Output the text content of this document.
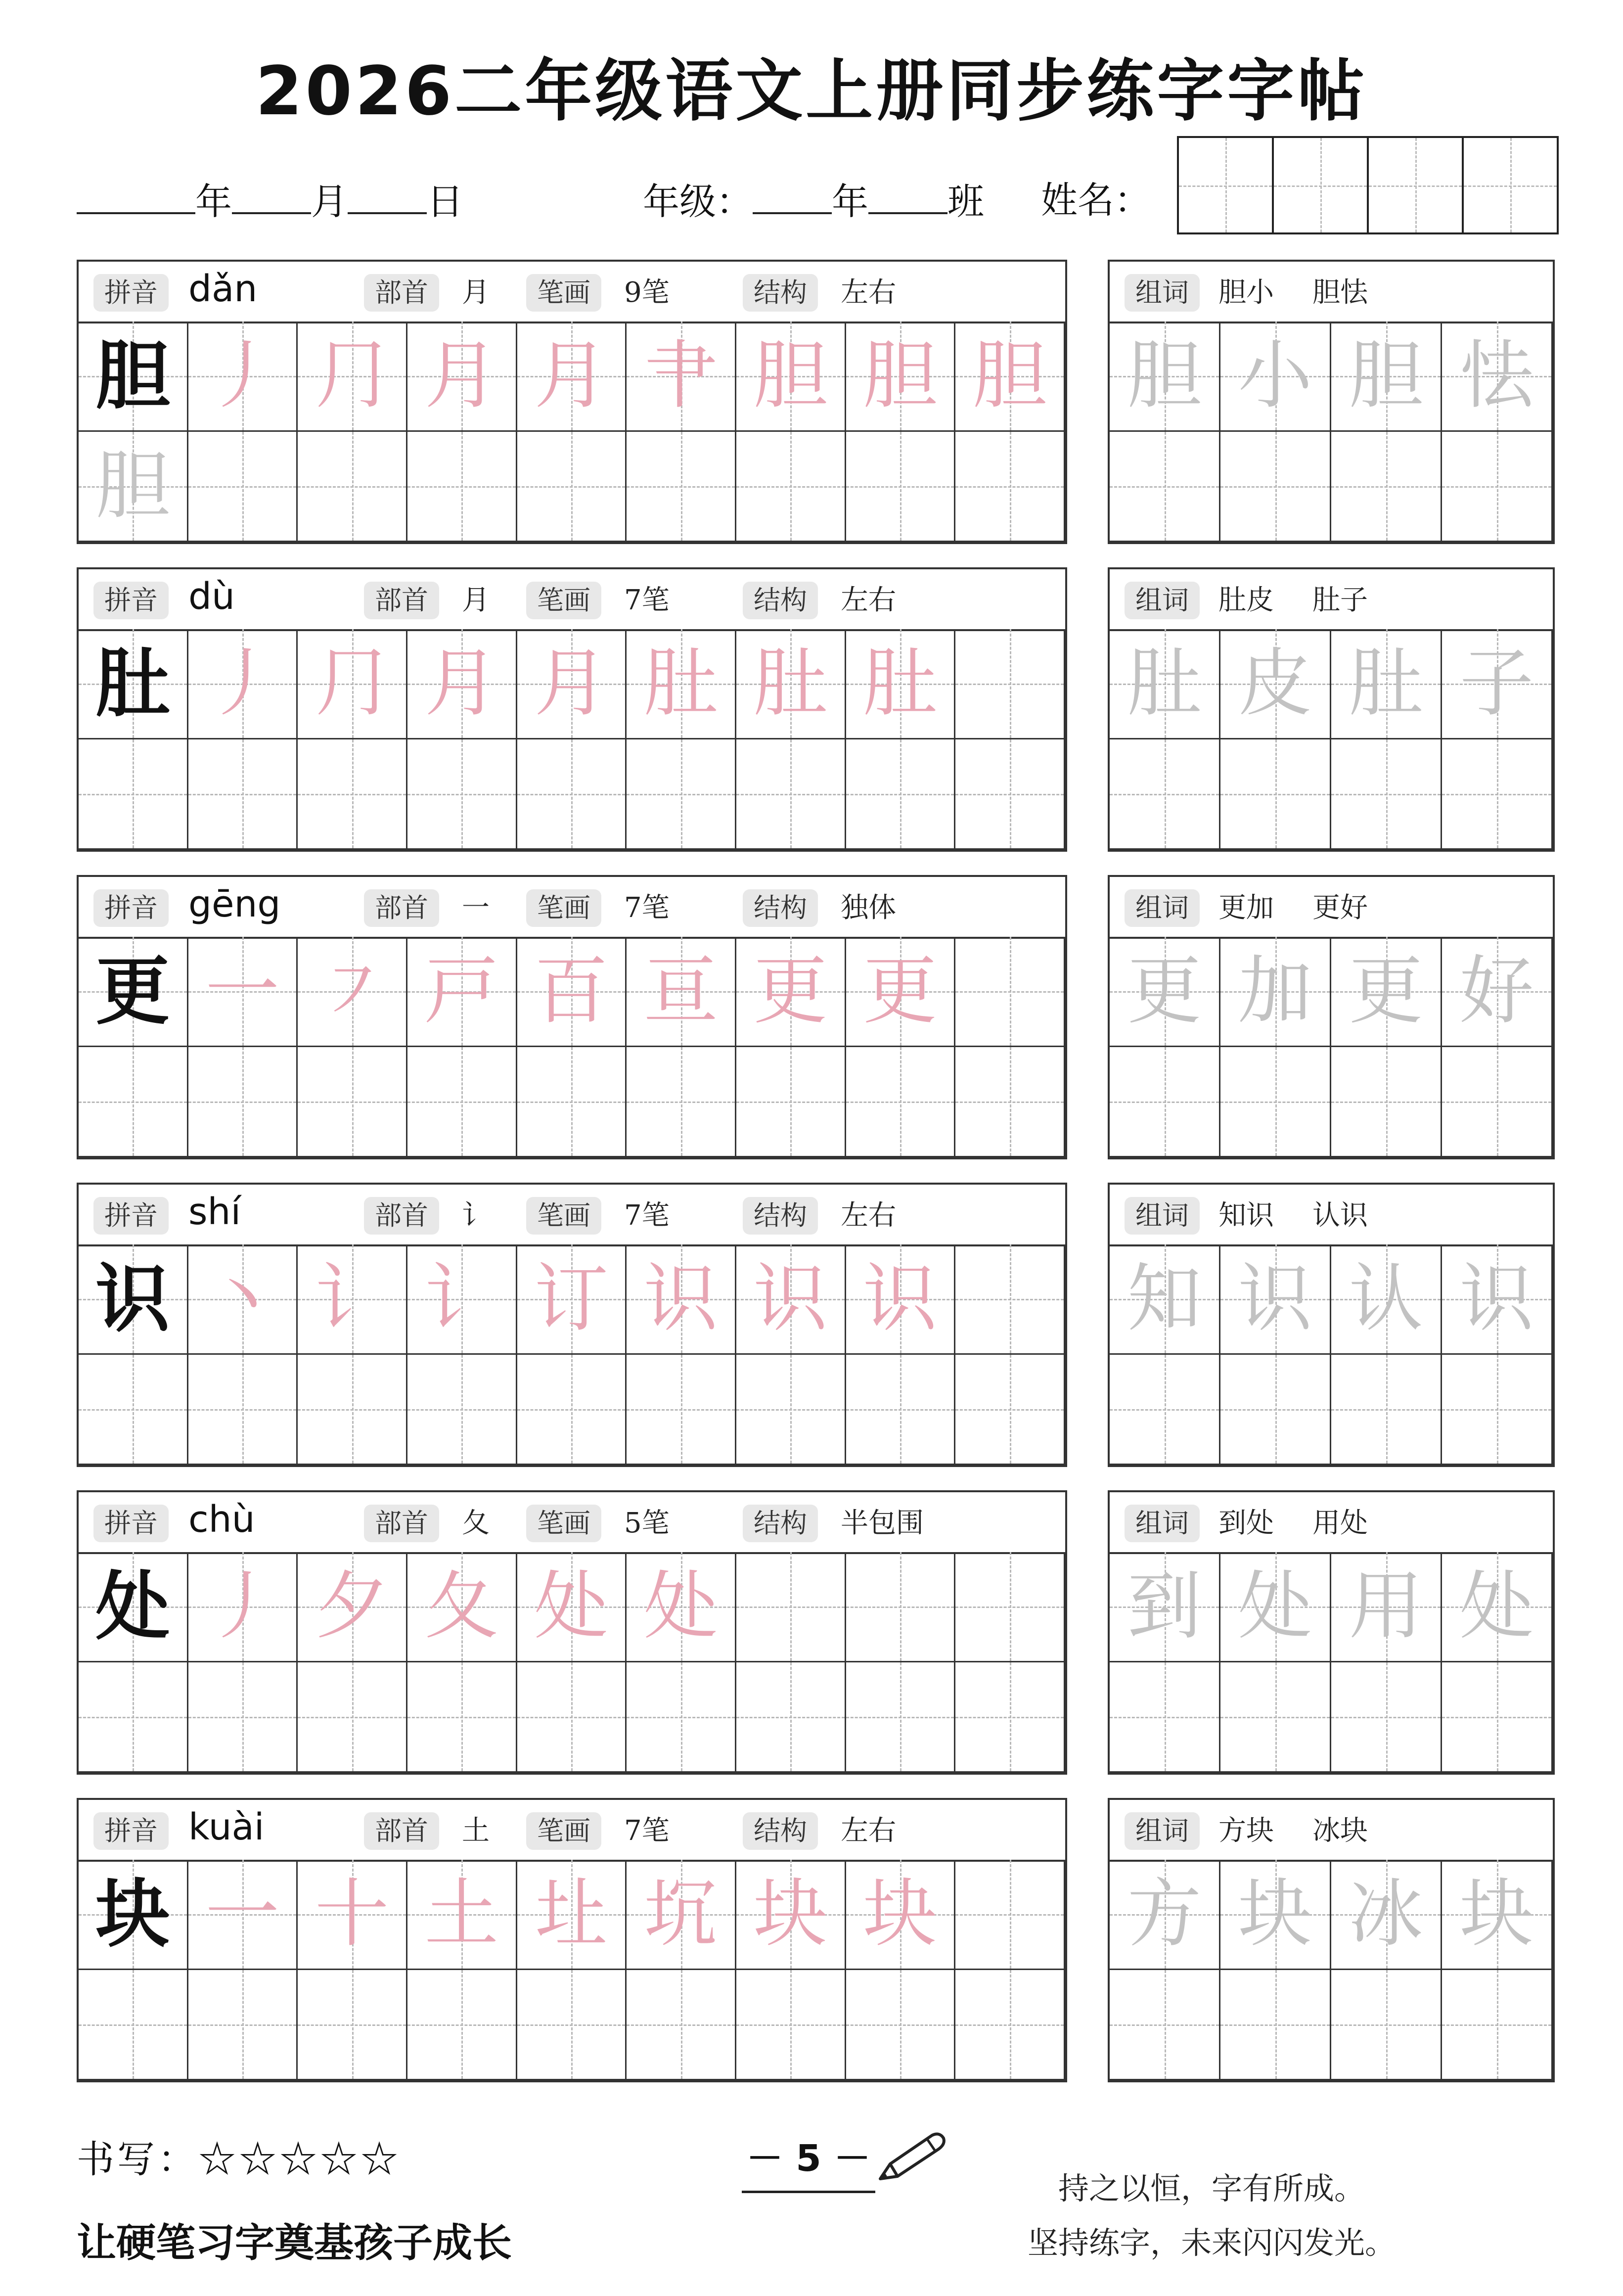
2026二年级语文上册同步练字字帖
年 月 日	年级： 年 班 姓名：
拼音 dǎn	部首	月	笔画	9笔	结构	左右
胆 丿 ⺆ 月 月 肀 胆 胆 胆
胆
组词	胆小 胆怯
胆 小 胆 怯
拼音 dù	部首	月	笔画	7笔	结构	左右
肚 丿 ⺆ 月 月 肚 肚 肚
组词	肚皮 肚子
肚 皮 肚 子
拼音 gēng	部首	一	笔画	7笔	结构	独体
更 一 ㇇ 戸 百 亘 更 更
组词	更加 更好
更 加 更 好
拼音 shí	部首	讠	笔画	7笔	结构	左右
识 丶 讠 讠 订 识 识 识
组词	知识 认识
知 识 认 识
拼音 chù	部首	夂	笔画	5笔	结构	半包围
处 丿 夕 夂 处 处
组词	到处 用处
到 处 用 处
拼音 kuài	部首	土	笔画	7笔	结构	左右
块 一 十 土 圵 坈 块 块
组词	方块 冰块
方 块 冰 块
书写：☆☆☆☆☆
让硬笔习字奠基孩子成长
－ 5 －
持之以恒，字有所成。
坚持练字，未来闪闪发光。
